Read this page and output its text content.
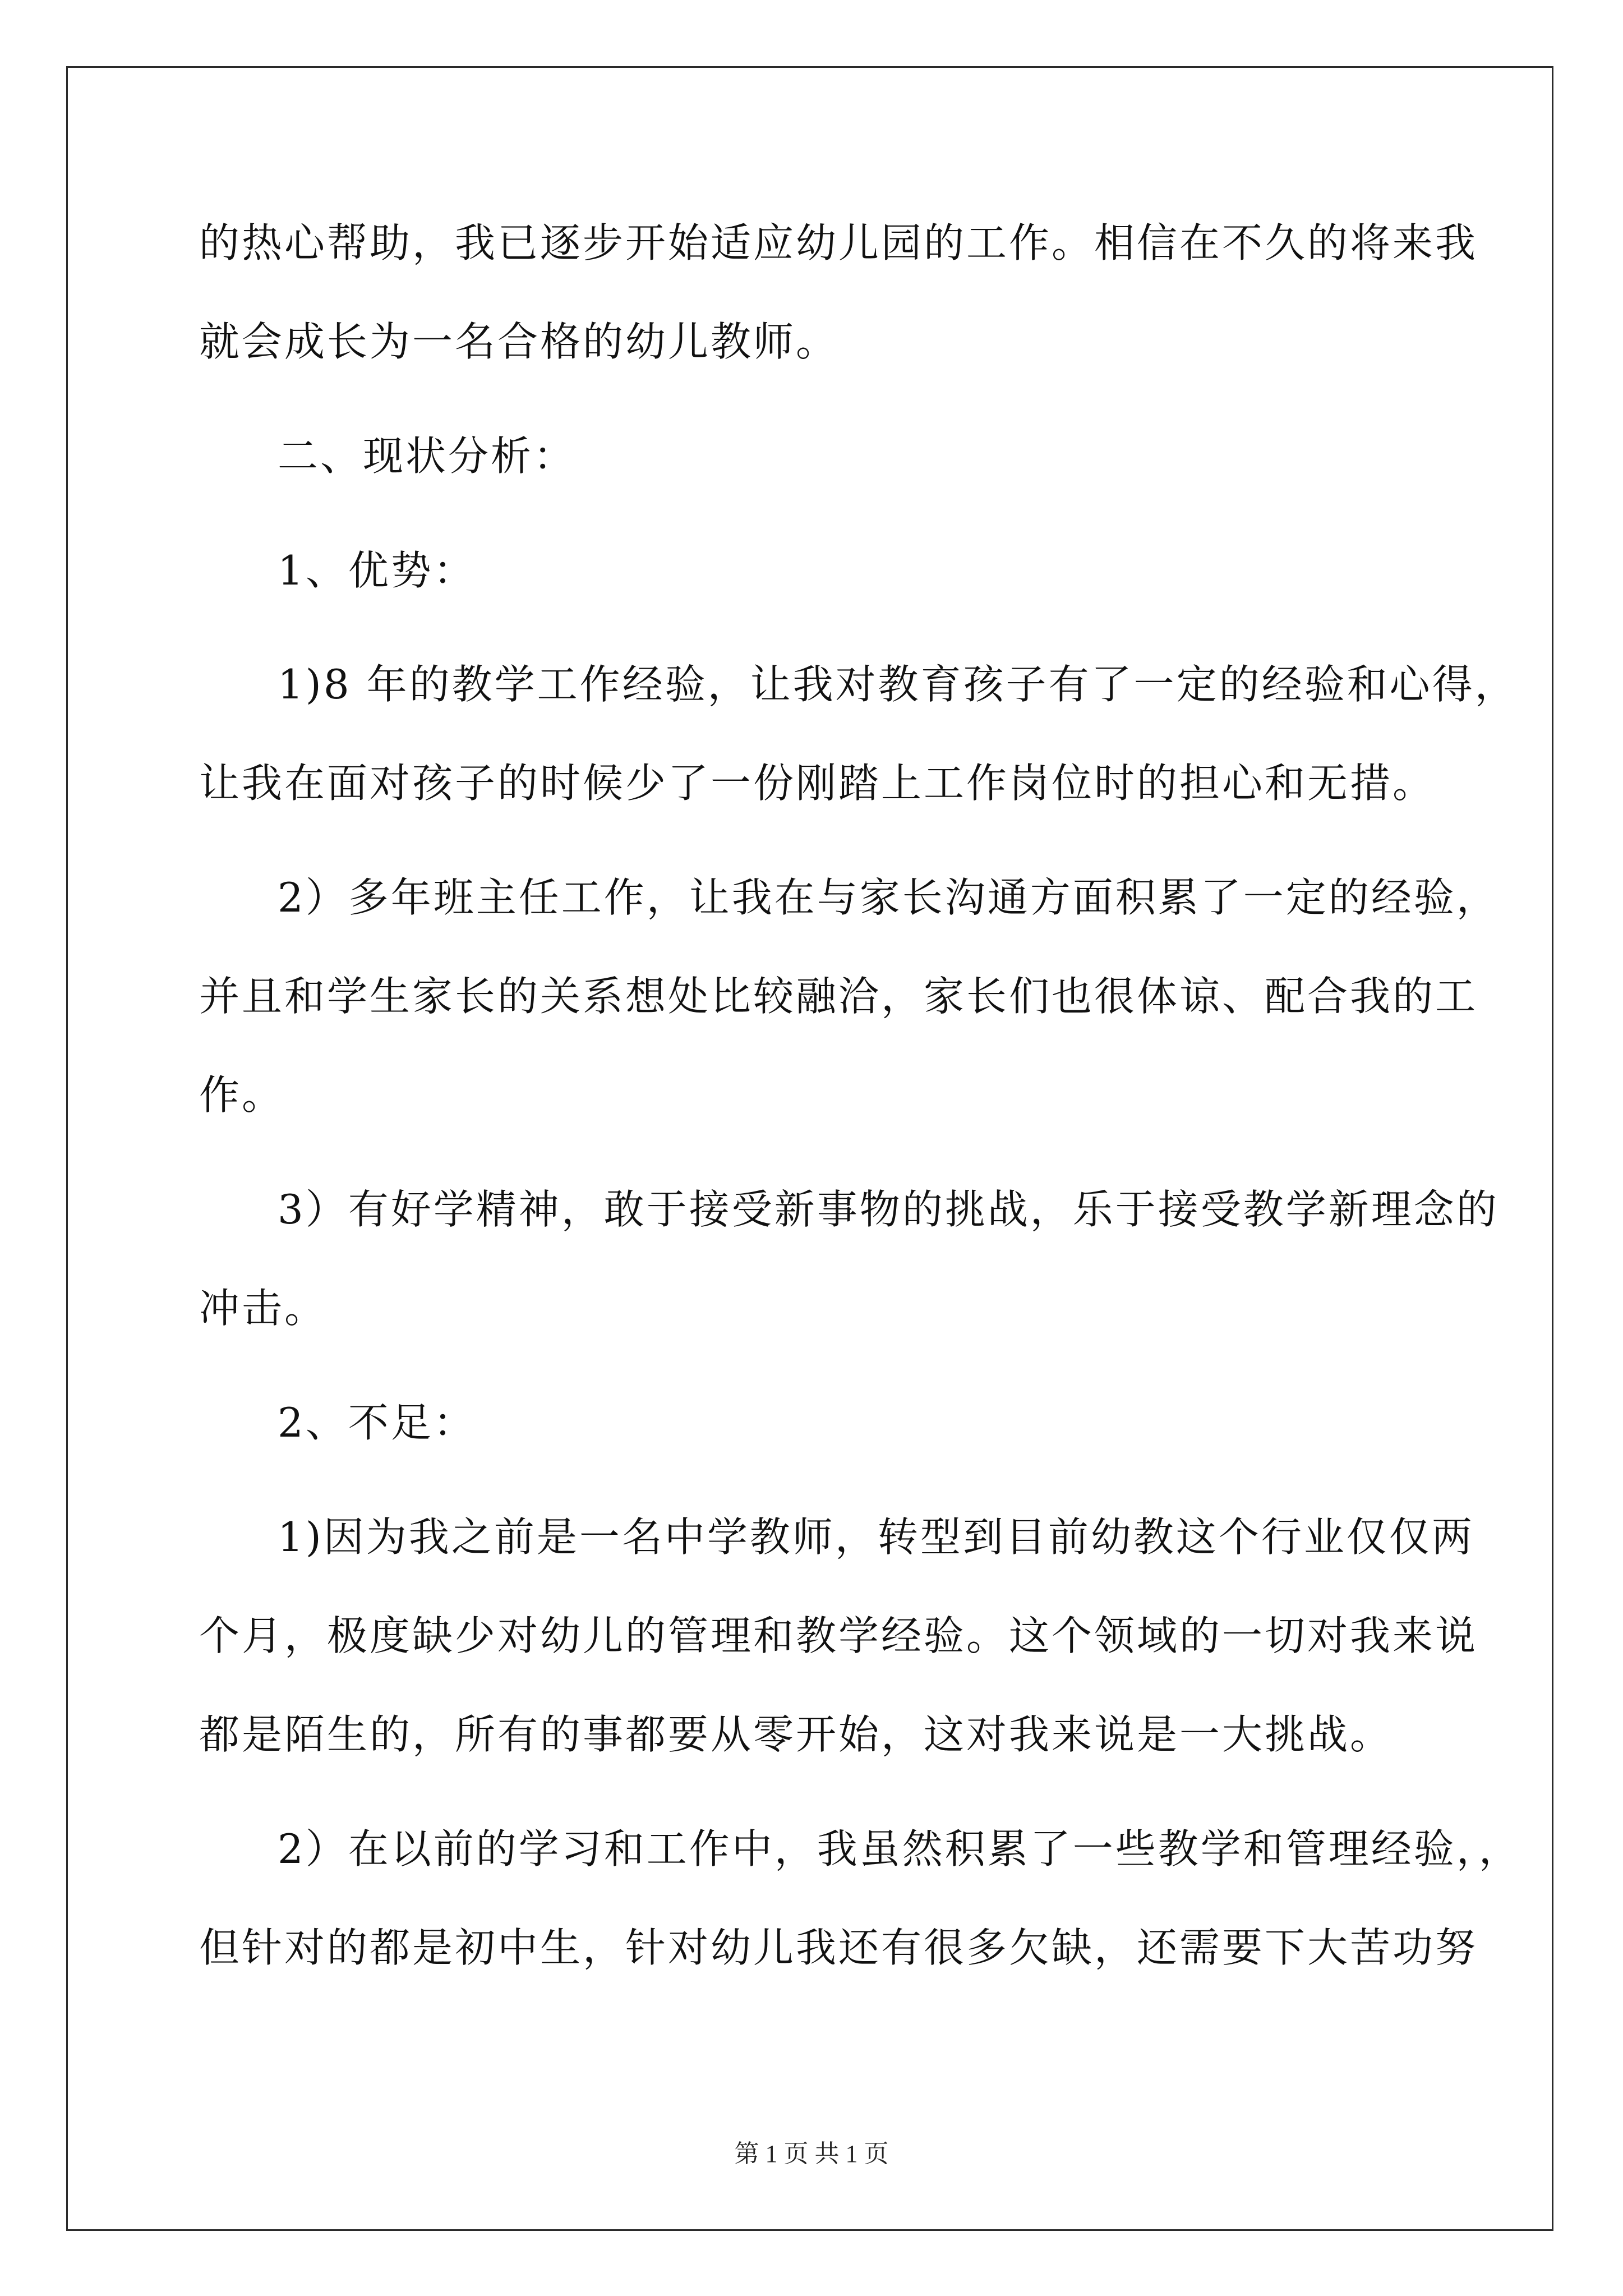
的热心帮助，我已逐步开始适应幼儿园的工作。相信在不久的将来我
就会成长为一名合格的幼儿教师。
二、现状分析：
1、优势：
1)8 年的教学工作经验，让我对教育孩子有了一定的经验和心得，
让我在面对孩子的时候少了一份刚踏上工作岗位时的担心和无措。
2）多年班主任工作，让我在与家长沟通方面积累了一定的经验，
并且和学生家长的关系想处比较融洽，家长们也很体谅、配合我的工
作。
3）有好学精神，敢于接受新事物的挑战，乐于接受教学新理念的
冲击。
2、不足：
1)因为我之前是一名中学教师，转型到目前幼教这个行业仅仅两
个月，极度缺少对幼儿的管理和教学经验。这个领域的一切对我来说
都是陌生的，所有的事都要从零开始，这对我来说是一大挑战。
2）在以前的学习和工作中，我虽然积累了一些教学和管理经验，，
但针对的都是初中生，针对幼儿我还有很多欠缺，还需要下大苦功努
第 1 页 共 1 页
